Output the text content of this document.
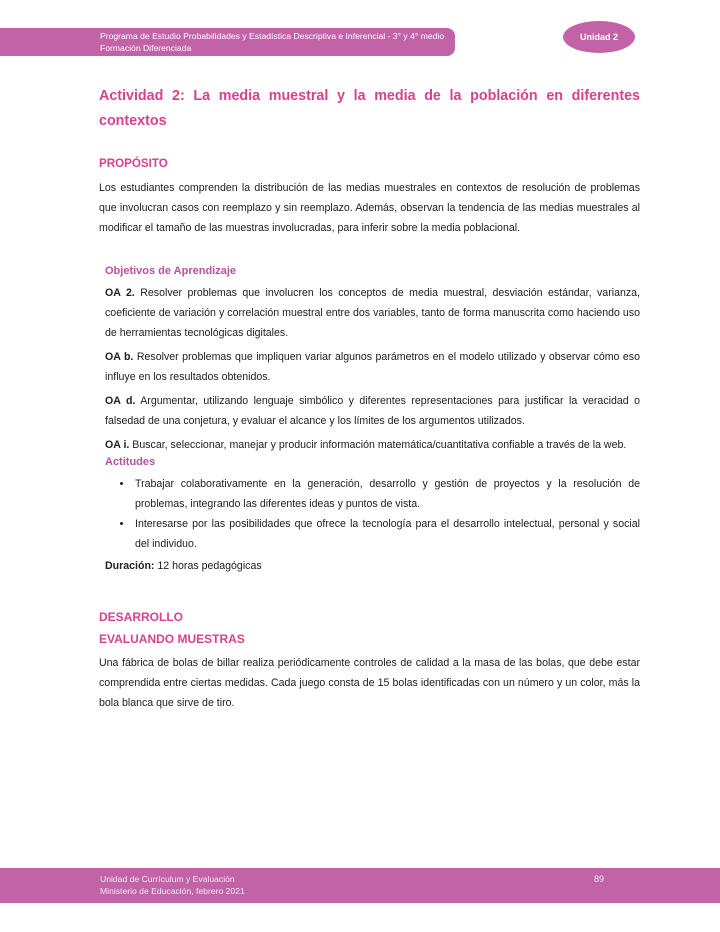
Programa de Estudio Probabilidades y Estadística Descriptiva e Inferencial - 3° y 4° medio
Formación Diferenciada
Unidad 2
Actividad 2: La media muestral y la media de la población en diferentes
contextos
PROPÓSITO

Los estudiantes comprenden la distribución de las medias muestrales en contextos de resolución de problemas que involucran casos con reemplazo y sin reemplazo. Además, observan la tendencia de las medias muestrales al modificar el tamaño de las muestras involucradas, para inferir sobre la media poblacional.

Objetivos de Aprendizaje

OA 2. Resolver problemas que involucren los conceptos de media muestral, desviación estándar, varianza, coeficiente de variación y correlación muestral entre dos variables, tanto de forma manuscrita como haciendo uso de herramientas tecnológicas digitales.

OA b. Resolver problemas que impliquen variar algunos parámetros en el modelo utilizado y observar cómo eso influye en los resultados obtenidos.

OA d. Argumentar, utilizando lenguaje simbólico y diferentes representaciones para justificar la veracidad o falsedad de una conjetura, y evaluar el alcance y los límites de los argumentos utilizados.

OA i. Buscar, seleccionar, manejar y producir información matemática/cuantitativa confiable a través de la web.

Actitudes
• Trabajar colaborativamente en la generación, desarrollo y gestión de proyectos y la resolución de problemas, integrando las diferentes ideas y puntos de vista.
• Interesarse por las posibilidades que ofrece la tecnología para el desarrollo intelectual, personal y social del individuo.

Duración: 12 horas pedagógicas

DESARROLLO
EVALUANDO MUESTRAS

Una fábrica de bolas de billar realiza periódicamente controles de calidad a la masa de las bolas, que debe estar comprendida entre ciertas medidas. Cada juego consta de 15 bolas identificadas con un número y un color, más la bola blanca que sirve de tiro.

Unidad de Currículum y Evaluación
Ministerio de Educación, febrero 2021
89
